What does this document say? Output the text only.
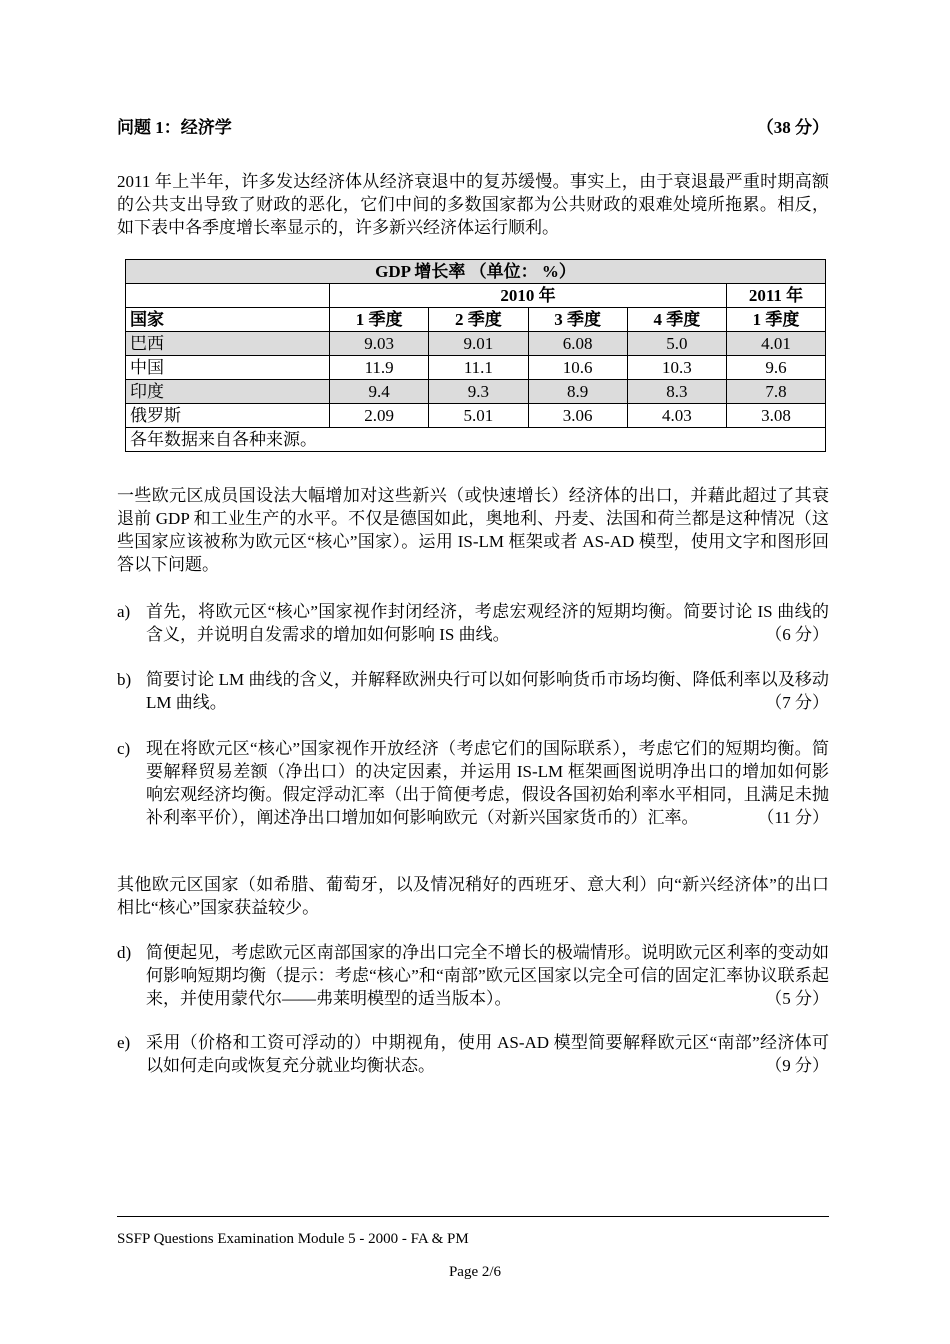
问题 1：经济学	（38 分）
2011 年上半年，许多发达经济体从经济衰退中的复苏缓慢。事实上，由于衰退最严重时期高额的公共支出导致了财政的恶化，它们中间的多数国家都为公共财政的艰难处境所拖累。相反，如下表中各季度增长率显示的，许多新兴经济体运行顺利。
GDP 增长率 （单位： %）					
	2010 年				2011 年
国家	1 季度	2 季度	3 季度	4 季度	1 季度
巴西	9.03	9.01	6.08	5.0	4.01
中国	11.9	11.1	10.6	10.3	9.6
印度	9.4	9.3	8.9	8.3	7.8
俄罗斯	2.09	5.01	3.06	4.03	3.08
各年数据来自各种来源。					
一些欧元区成员国设法大幅增加对这些新兴（或快速增长）经济体的出口，并藉此超过了其衰退前 GDP 和工业生产的水平。不仅是德国如此，奥地利、丹麦、法国和荷兰都是这种情况（这些国家应该被称为欧元区“核心”国家）。运用 IS-LM 框架或者 AS-AD 模型，使用文字和图形回答以下问题。
a) 首先，将欧元区“核心”国家视作封闭经济，考虑宏观经济的短期均衡。简要讨论 IS 曲线的含义，并说明自发需求的增加如何影响 IS 曲线。	（6 分）
b) 简要讨论 LM 曲线的含义，并解释欧洲央行可以如何影响货币市场均衡、降低利率以及移动 LM 曲线。	（7 分）
c) 现在将欧元区“核心”国家视作开放经济（考虑它们的国际联系），考虑它们的短期均衡。简要解释贸易差额（净出口）的决定因素，并运用 IS-LM 框架画图说明净出口的增加如何影响宏观经济均衡。假定浮动汇率（出于简便考虑，假设各国初始利率水平相同，且满足未抛补利率平价），阐述净出口增加如何影响欧元（对新兴国家货币的）汇率。	（11 分）
其他欧元区国家（如希腊、葡萄牙，以及情况稍好的西班牙、意大利）向“新兴经济体”的出口相比“核心”国家获益较少。
d) 简便起见，考虑欧元区南部国家的净出口完全不增长的极端情形。说明欧元区利率的变动如何影响短期均衡（提示：考虑“核心”和“南部”欧元区国家以完全可信的固定汇率协议联系起来，并使用蒙代尔——弗莱明模型的适当版本）。	（5 分）
e) 采用（价格和工资可浮动的）中期视角，使用 AS-AD 模型简要解释欧元区“南部”经济体可以如何走向或恢复充分就业均衡状态。	（9 分）
SSFP Questions Examination Module 5 - 2000 - FA & PM
Page 2/6
